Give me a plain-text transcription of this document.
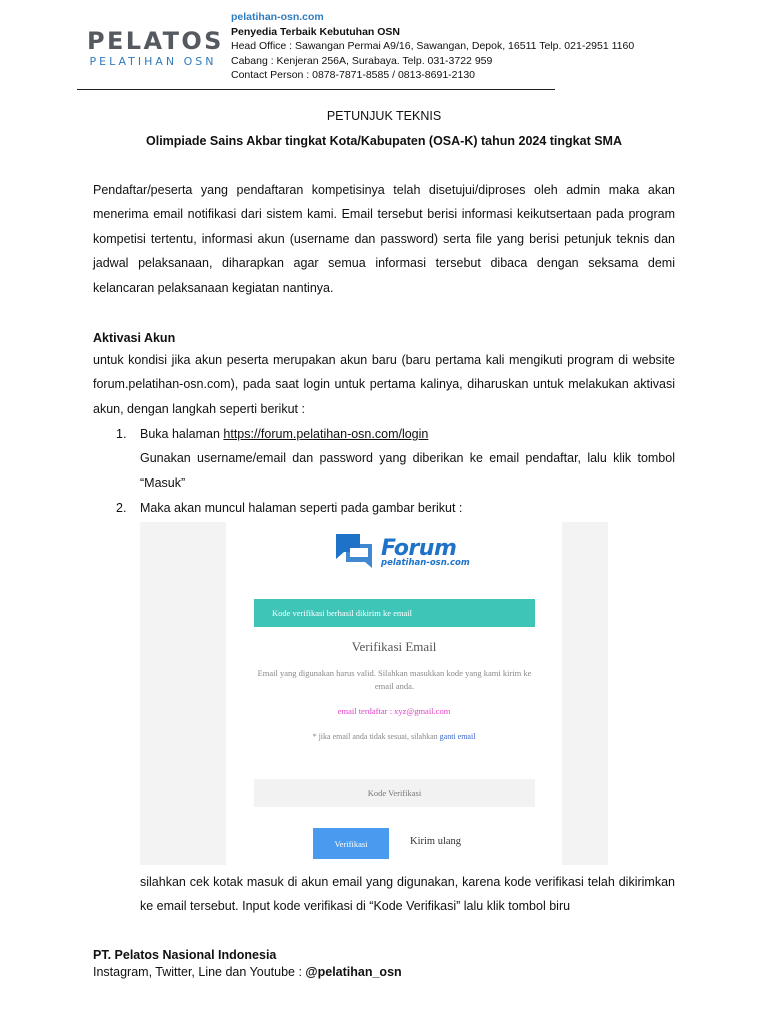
PELATOS
PELATIHAN OSN
pelatihan-osn.com
Penyedia Terbaik Kebutuhan OSN
Head Office : Sawangan Permai A9/16, Sawangan, Depok, 16511 Telp. 021-2951 1160
Cabang : Kenjeran 256A, Surabaya. Telp. 031-3722 959
Contact Person : 0878-7871-8585 / 0813-8691-2130
PETUNJUK TEKNIS
Olimpiade Sains Akbar tingkat Kota/Kabupaten (OSA-K) tahun 2024 tingkat SMA

Pendaftar/peserta yang pendaftaran kompetisinya telah disetujui/diproses oleh admin maka akan menerima email notifikasi dari sistem kami. Email tersebut berisi informasi keikutsertaan pada program kompetisi tertentu, informasi akun (username dan password) serta file yang berisi petunjuk teknis dan jadwal pelaksanaan, diharapkan agar semua informasi tersebut dibaca dengan seksama demi kelancaran pelaksanaan kegiatan nantinya.

Aktivasi Akun

untuk kondisi jika akun peserta merupakan akun baru (baru pertama kali mengikuti program di website forum.pelatihan-osn.com), pada saat login untuk pertama kalinya, diharuskan untuk melakukan aktivasi akun, dengan langkah seperti berikut :

1. Buka halaman https://forum.pelatihan-osn.com/login
Gunakan username/email dan password yang diberikan ke email pendaftar, lalu klik tombol “Masuk”
2. Maka akan muncul halaman seperti pada gambar berikut :
Forum
pelatihan-osn.com
Kode verifikasi berhasil dikirim ke email
Verifikasi Email
Email yang digunakan harus valid. Silahkan masukkan kode yang kami kirim ke email anda.
email terdaftar : xyz@gmail.com
* jika email anda tidak sesuai, silahkan ganti email
Kode Verifikasi
Verifikasi	Kirim ulang

silahkan cek kotak masuk di akun email yang digunakan, karena kode verifikasi telah dikirimkan ke email tersebut. Input kode verifikasi di “Kode Verifikasi” lalu klik tombol biru

PT. Pelatos Nasional Indonesia
Instagram, Twitter, Line dan Youtube : @pelatihan_osn
